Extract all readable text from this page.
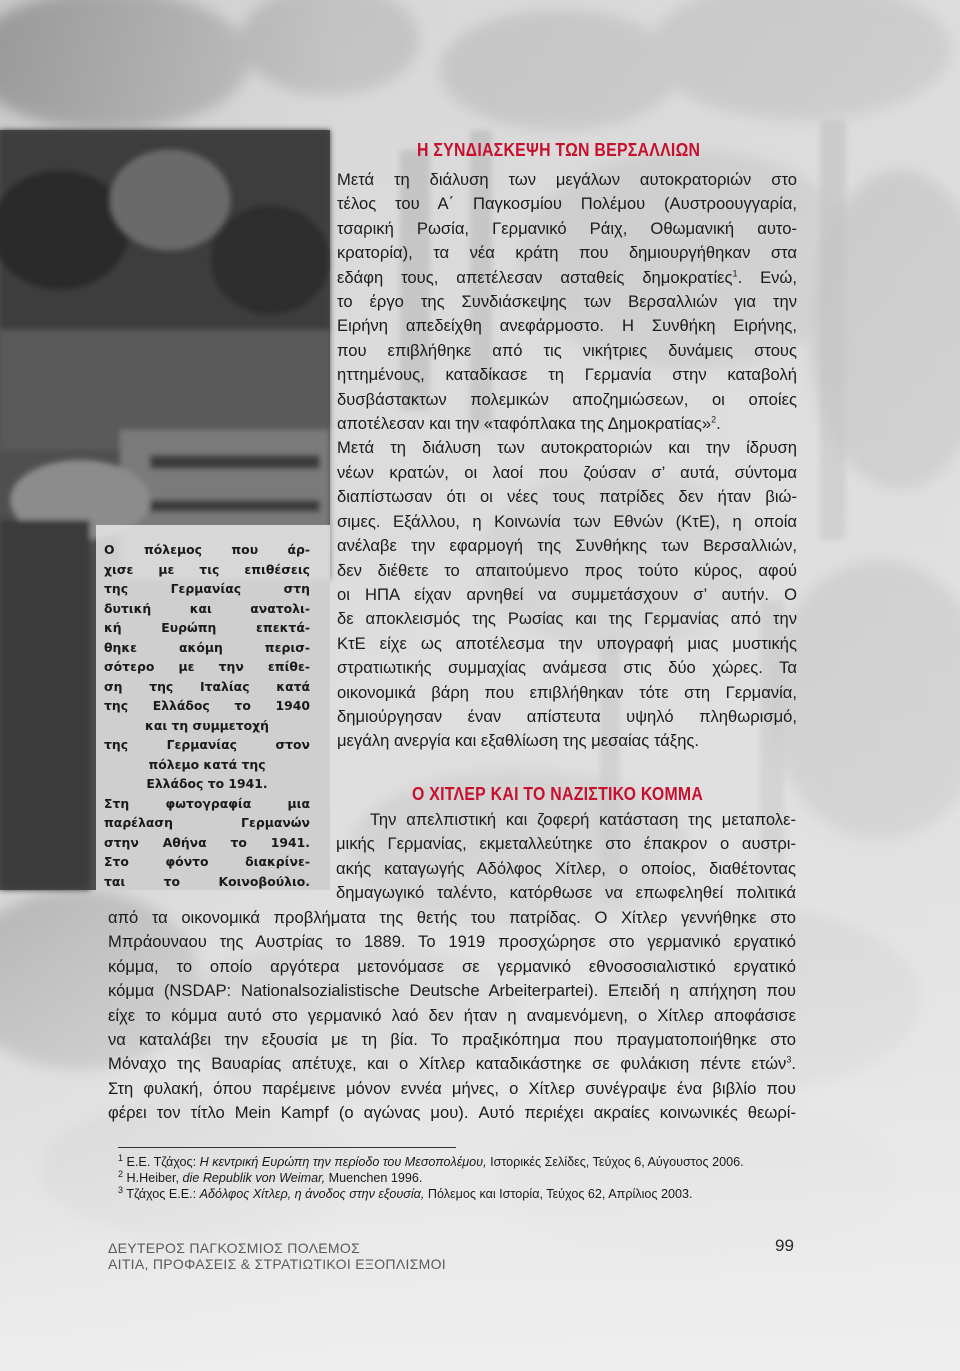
Η ΣΥΝΔΙΑΣΚΕΨΗ ΤΩΝ ΒΕΡΣΑΛΛΙΩΝ
Μετά τη διάλυση των μεγάλων αυτοκρατοριών στο
τέλος του Α΄ Παγκοσμίου Πολέμου (Αυστροουγγαρία,
τσαρική Ρωσία, Γερμανικό Ράιχ, Οθωμανική αυτο-
κρατορία), τα νέα κράτη που δημιουργήθηκαν στα
εδάφη τους, απετέλεσαν ασταθείς δημοκρατίες$^1$. Ενώ,
το έργο της Συνδιάσκεψης των Βερσαλλιών για την
Ειρήνη απεδείχθη ανεφάρμοστο. Η Συνθήκη Ειρήνης,
που επιβλήθηκε από τις νικήτριες δυνάμεις στους
ηττημένους, καταδίκασε τη Γερμανία στην καταβολή
δυσβάστακτων πολεμικών αποζημιώσεων, οι οποίες
αποτέλεσαν και την «ταφόπλακα της Δημοκρατίας»$^2$.
Μετά τη διάλυση των αυτοκρατοριών και την ίδρυση
νέων κρατών, οι λαοί που ζούσαν σ’ αυτά, σύντομα
διαπίστωσαν ότι οι νέες τους πατρίδες δεν ήταν βιώ-
σιμες. Εξάλλου, η Κοινωνία των Εθνών (ΚτΕ), η οποία
ανέλαβε την εφαρμογή της Συνθήκης των Βερσαλλιών,
δεν διέθετε το απαιτούμενο προς τούτο κύρος, αφού
οι ΗΠΑ είχαν αρνηθεί να συμμετάσχουν σ’ αυτήν. Ο
δε αποκλεισμός της Ρωσίας και της Γερμανίας από την
ΚτΕ είχε ως αποτέλεσμα την υπογραφή μιας μυστικής
στρατιωτικής συμμαχίας ανάμεσα στις δύο χώρες. Τα
οικονομικά βάρη που επιβλήθηκαν τότε στη Γερμανία,
δημιούργησαν έναν απίστευτα υψηλό πληθωρισμό,
μεγάλη ανεργία και εξαθλίωση της μεσαίας τάξης.
Ο ΧΙΤΛΕΡ ΚΑΙ ΤΟ ΝΑΖΙΣΤΙΚΟ ΚΟΜΜΑ
Την απελπιστική και ζοφερή κατάσταση της μεταπολε-
μικής Γερμανίας, εκμεταλλεύτηκε στο έπακρον ο αυστρι-
ακής καταγωγής Αδόλφος Χίτλερ, ο οποίος, διαθέτοντας
δημαγωγικό ταλέντο, κατόρθωσε να επωφεληθεί πολιτικά
από τα οικονομικά προβλήματα της θετής του πατρίδας. Ο Χίτλερ γεννήθηκε στο
Μπράουναου της Αυστρίας το 1889. Το 1919 προσχώρησε στο γερμανικό εργατικό
κόμμα, το οποίο αργότερα μετονόμασε σε γερμανικό εθνοσοσιαλιστικό εργατικό
κόμμα (NSDAP: Nationalsozialistische Deutsche Arbeiterpartei). Επειδή η απήχηση που
είχε το κόμμα αυτό στο γερμανικό λαό δεν ήταν η αναμενόμενη, ο Χίτλερ αποφάσισε
να καταλάβει την εξουσία με τη βία. Το πραξικόπημα που πραγματοποιήθηκε στο
Μόναχο της Βαυαρίας απέτυχε, και ο Χίτλερ καταδικάστηκε σε φυλάκιση πέντε ετών$^3$.
Στη φυλακή, όπου παρέμεινε μόνον εννέα μήνες, ο Χίτλερ συνέγραψε ένα βιβλίο που
φέρει τον τίτλο Mein Kampf (ο αγώνας μου). Αυτό περιέχει ακραίες κοινωνικές θεωρί-
Ο πόλεμος που άρ-
χισε με τις επιθέσεις
της Γερμανίας στη
δυτική και ανατολι-
κή Ευρώπη επεκτά-
θηκε ακόμη περισ-
σότερο με την επίθε-
ση της Ιταλίας κατά
της Ελλάδος το 1940
και τη συμμετοχή
της Γερμανίας στον
πόλεμο κατά της
Ελλάδος το 1941.
Στη φωτογραφία μια
παρέλαση Γερμανών
στην Αθήνα το 1941.
Στο φόντο διακρίνε-
ται το Κοινοβούλιο.
$^1$ Ε.Ε. Τζάχος: Η κεντρική Ευρώπη την περίοδο του Μεσοπολέμου, Ιστορικές Σελίδες, Τεύχος 6, Αύγουστος 2006.
$^2$ H.Heiber, die Republik von Weimar, Muenchen 1996.
$^3$ Τζάχος Ε.Ε.: Αδόλφος Χίτλερ, η άνοδος στην εξουσία, Πόλεμος και Ιστορία, Τεύχος 62, Απρίλιος 2003.
ΔΕΥΤΕΡΟΣ ΠΑΓΚΟΣΜΙΟΣ ΠΟΛΕΜΟΣ
ΑΙΤΙΑ, ΠΡΟΦΑΣΕΙΣ & ΣΤΡΑΤΙΩΤΙΚΟΙ ΕΞΟΠΛΙΣΜΟΙ
99
